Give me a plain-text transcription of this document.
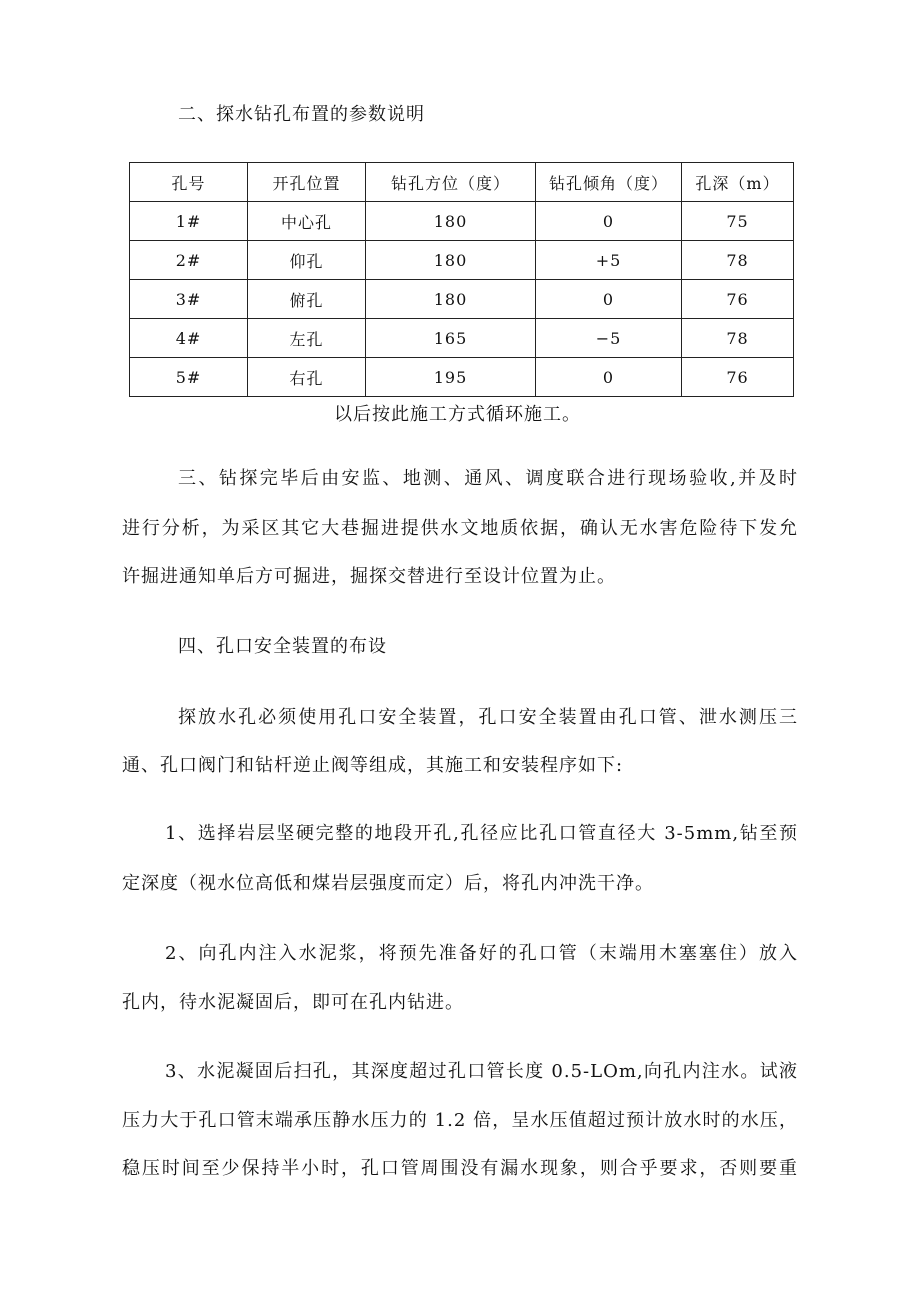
二、探水钻孔布置的参数说明
孔号	开孔位置	钻孔方位（度）	钻孔倾角（度）	孔深（m）
1#	中心孔	180	0	75
2#	仰孔	180	+5	78
3#	俯孔	180	0	76
4#	左孔	165	−5	78
5#	右孔	195	0	76
以后按此施工方式循环施工。
三、钻探完毕后由安监、地测、通风、调度联合进行现场验收,并及时
进行分析，为采区其它大巷掘进提供水文地质依据，确认无水害危险待下发允
许掘进通知单后方可掘进，掘探交替进行至设计位置为止。
四、孔口安全装置的布设
探放水孔必须使用孔口安全装置，孔口安全装置由孔口管、泄水测压三
通、孔口阀门和钻杆逆止阀等组成，其施工和安装程序如下:
1、选择岩层坚硬完整的地段开孔,孔径应比孔口管直径大 3-5mm,钻至预
定深度（视水位高低和煤岩层强度而定）后，将孔内冲洗干净。
2、向孔内注入水泥浆，将预先准备好的孔口管（末端用木塞塞住）放入
孔内，待水泥凝固后，即可在孔内钻进。
3、水泥凝固后扫孔，其深度超过孔口管长度 0.5-LOm,向孔内注水。试液
压力大于孔口管末端承压静水压力的 1.2 倍，呈水压值超过预计放水时的水压，
稳压时间至少保持半小时，孔口管周围没有漏水现象，则合乎要求，否则要重
